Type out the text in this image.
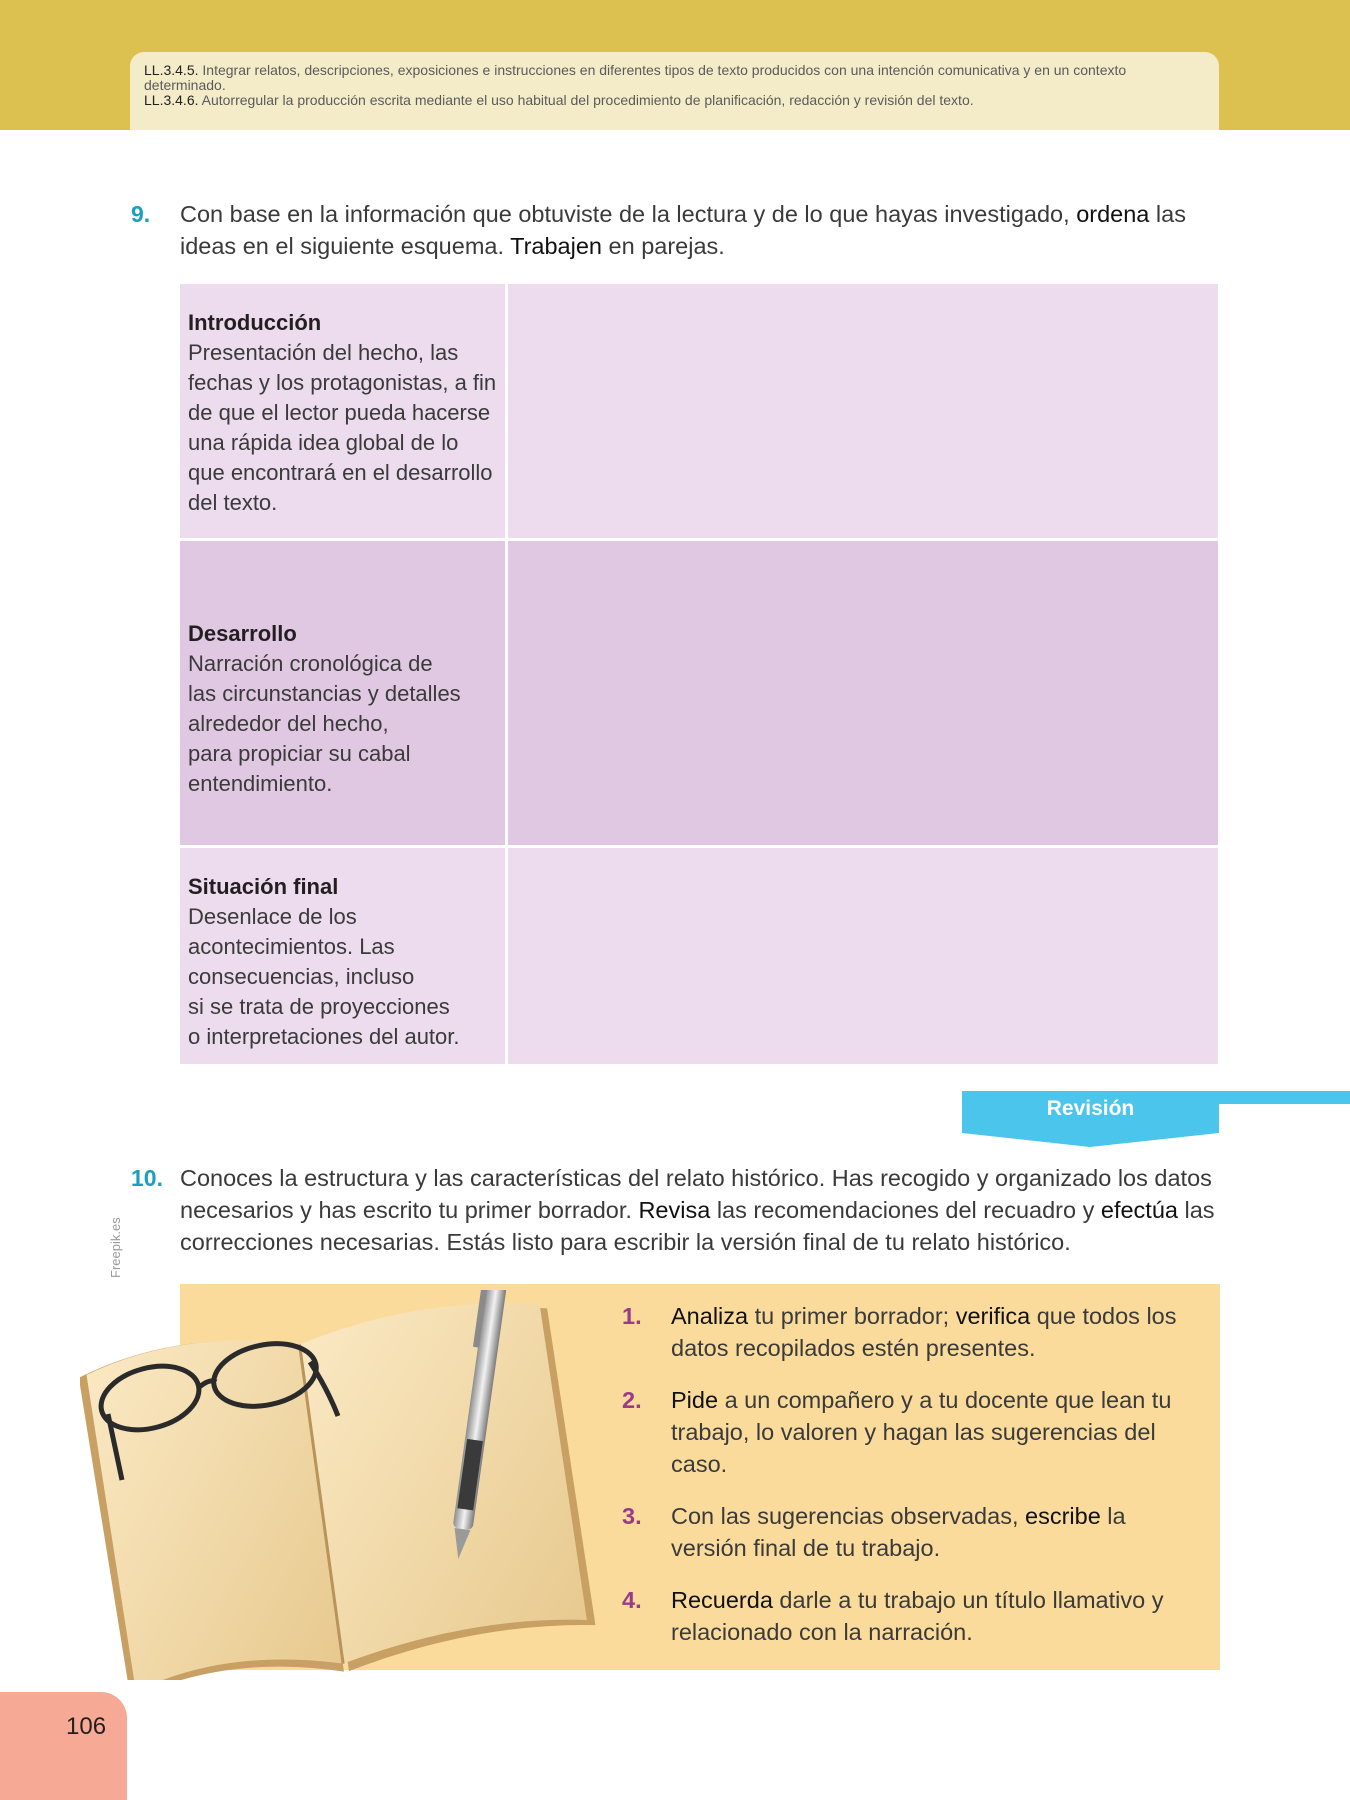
LL.3.4.5. Integrar relatos, descripciones, exposiciones e instrucciones en diferentes tipos de texto producidos con una intención comunicativa y en un contexto determinado.

LL.3.4.6. Autorregular la producción escrita mediante el uso habitual del procedimiento de planificación, redacción y revisión del texto.

9. Con base en la información que obtuviste de la lectura y de lo que hayas investigado, ordena las ideas en el siguiente esquema. Trabajen en parejas.
Introducción
Presentación del hecho, las
fechas y los protagonistas, a fin
de que el lector pueda hacerse
una rápida idea global de lo
que encontrará en el desarrollo
del texto.
Desarrollo
Narración cronológica de
las circunstancias y detalles
alrededor del hecho,
para propiciar su cabal
entendimiento.
Situación final
Desenlace de los
acontecimientos. Las
consecuencias, incluso
si se trata de proyecciones
o interpretaciones del autor.
Revisión
10. Conoces la estructura y las características del relato histórico. Has recogido y organizado los datos necesarios y has escrito tu primer borrador. Revisa las recomendaciones del recuadro y efectúa las correcciones necesarias. Estás listo para escribir la versión final de tu relato histórico.
Freepik.es
1.	Analiza tu primer borrador; verifica que todos los datos recopilados estén presentes.
2.	Pide a un compañero y a tu docente que lean tu trabajo, lo valoren y hagan las sugerencias del caso.
3.	Con las sugerencias observadas, escribe la versión final de tu trabajo.
4.	Recuerda darle a tu trabajo un título llamativo y relacionado con la narración.
106
